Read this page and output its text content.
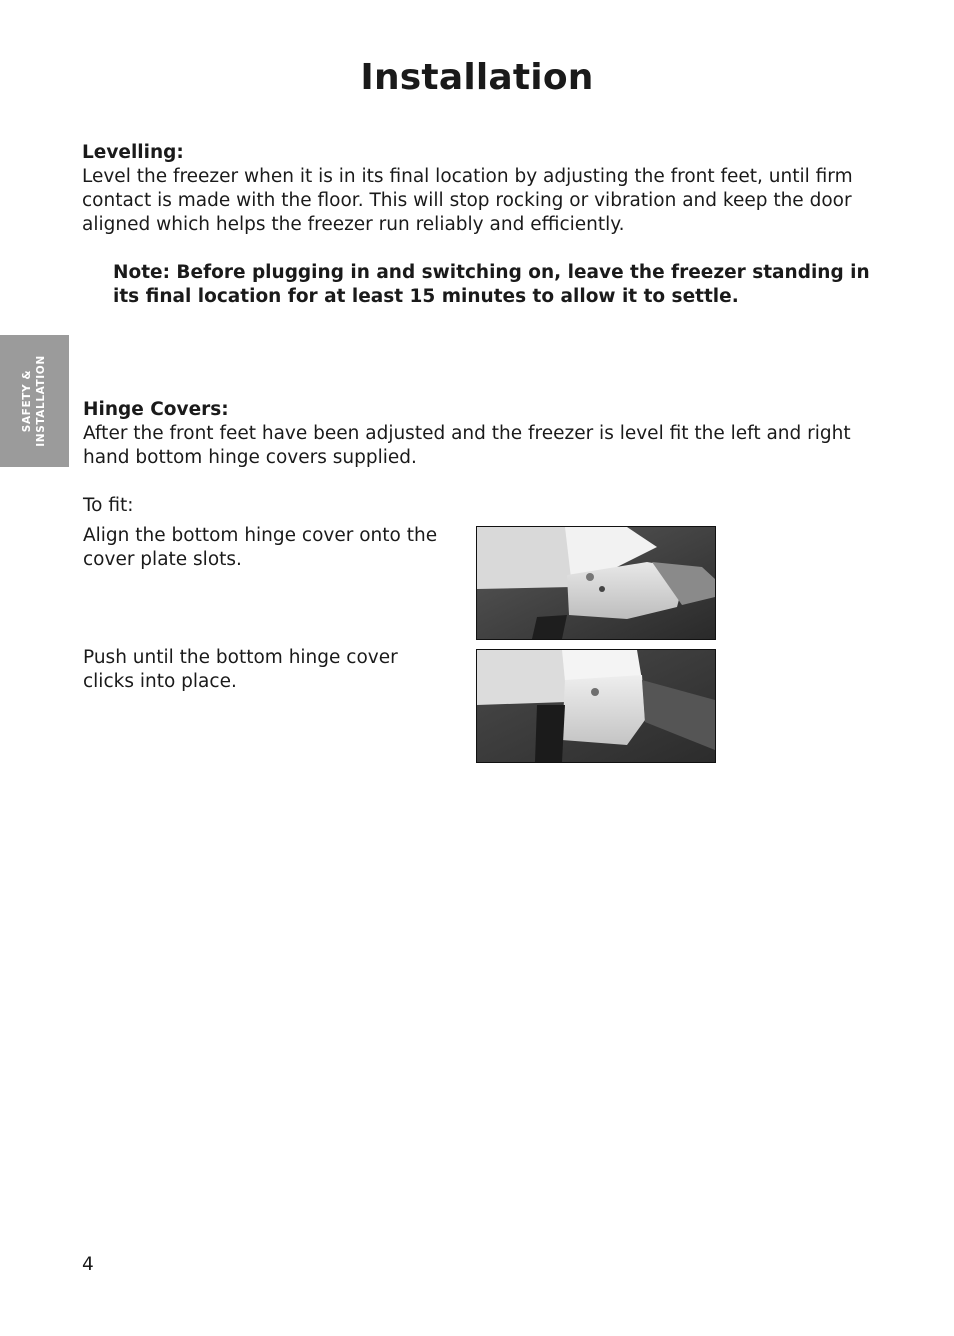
Installation
SAFETY & INSTALLATION

Levelling:

Level the freezer when it is in its final location by adjusting the front feet, until firm contact is made with the floor. This will stop rocking or vibration and keep the door aligned which helps the freezer run reliably and efficiently.

Note: Before plugging in and switching on, leave the freezer standing in its final location for at least 15 minutes to allow it to settle.

Hinge Covers:

After the front feet have been adjusted and the freezer is level fit the left and right hand bottom hinge covers supplied.

To fit:
Align the bottom hinge cover onto the cover plate slots.
Push until the bottom hinge cover clicks into place.
4
